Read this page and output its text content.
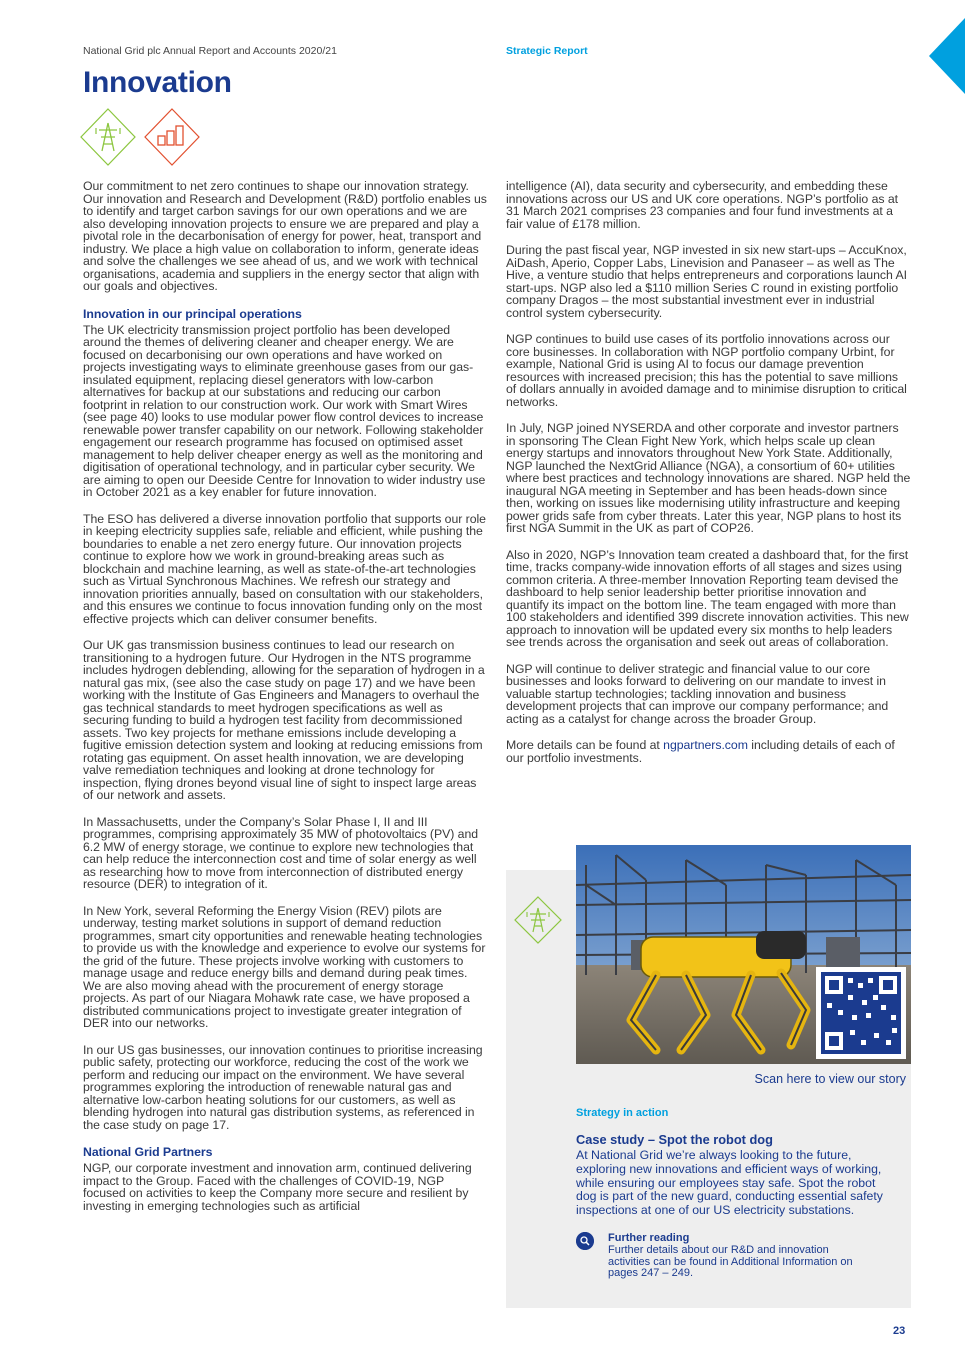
National Grid plc Annual Report and Accounts 2020/21	Strategic Report
Innovation

Our commitment to net zero continues to shape our innovation strategy. Our innovation and Research and Development (R&D) portfolio enables us to identify and target carbon savings for our own operations and we are also developing innovation projects to ensure we are prepared and play a pivotal role in the decarbonisation of energy for power, heat, transport and industry. We place a high value on collaboration to inform, generate ideas and solve the challenges we see ahead of us, and we work with technical organisations, academia and suppliers in the energy sector that align with our goals and objectives.

Innovation in our principal operations

The UK electricity transmission project portfolio has been developed around the themes of delivering cleaner and cheaper energy. We are focused on decarbonising our own operations and have worked on projects investigating ways to eliminate greenhouse gases from our gas-insulated equipment, replacing diesel generators with low-carbon alternatives for backup at our substations and reducing our carbon footprint in relation to our construction work. Our work with Smart Wires (see page 40) looks to use modular power flow control devices to increase renewable power transfer capability on our network. Following stakeholder engagement our research programme has focused on optimised asset management to help deliver cheaper energy as well as the monitoring and digitisation of operational technology, and in particular cyber security. We are aiming to open our Deeside Centre for Innovation to wider industry use in October 2021 as a key enabler for future innovation.

The ESO has delivered a diverse innovation portfolio that supports our role in keeping electricity supplies safe, reliable and efficient, while pushing the boundaries to enable a net zero energy future. Our innovation projects continue to explore how we work in ground-breaking areas such as blockchain and machine learning, as well as state-of-the-art technologies such as Virtual Synchronous Machines. We refresh our strategy and innovation priorities annually, based on consultation with our stakeholders, and this ensures we continue to focus innovation funding only on the most effective projects which can deliver consumer benefits.

Our UK gas transmission business continues to lead our research on transitioning to a hydrogen future. Our Hydrogen in the NTS programme includes hydrogen deblending, allowing for the separation of hydrogen in a natural gas mix, (see also the case study on page 17) and we have been working with the Institute of Gas Engineers and Managers to overhaul the gas technical standards to meet hydrogen specifications as well as securing funding to build a hydrogen test facility from decommissioned assets. Two key projects for methane emissions include developing a fugitive emission detection system and looking at reducing emissions from rotating gas equipment. On asset health innovation, we are developing valve remediation techniques and looking at drone technology for inspection, flying drones beyond visual line of sight to inspect large areas of our network and assets.

In Massachusetts, under the Company’s Solar Phase I, II and III programmes, comprising approximately 35 MW of photovoltaics (PV) and 6.2 MW of energy storage, we continue to explore new technologies that can help reduce the interconnection cost and time of solar energy as well as researching how to move from interconnection of distributed energy resource (DER) to integration of it.

In New York, several Reforming the Energy Vision (REV) pilots are underway, testing market solutions in support of demand reduction programmes, smart city opportunities and renewable heating technologies to provide us with the knowledge and experience to evolve our systems for the grid of the future. These projects involve working with customers to manage usage and reduce energy bills and demand during peak times. We are also moving ahead with the procurement of energy storage projects. As part of our Niagara Mohawk rate case, we have proposed a distributed communications project to investigate greater integration of DER into our networks.

In our US gas businesses, our innovation continues to prioritise increasing public safety, protecting our workforce, reducing the cost of the work we perform and reducing our impact on the environment. We have several programmes exploring the introduction of renewable natural gas and alternative low-carbon heating solutions for our customers, as well as blending hydrogen into natural gas distribution systems, as referenced in the case study on page 17.

National Grid Partners

NGP, our corporate investment and innovation arm, continued delivering impact to the Group. Faced with the challenges of COVID-19, NGP focused on activities to keep the Company more secure and resilient by investing in emerging technologies such as artificial

intelligence (AI), data security and cybersecurity, and embedding these innovations across our US and UK core operations. NGP’s portfolio as at 31 March 2021 comprises 23 companies and four fund investments at a fair value of £178 million.

During the past fiscal year, NGP invested in six new start-ups – AccuKnox, AiDash, Aperio, Copper Labs, Linevision and Panaseer – as well as The Hive, a venture studio that helps entrepreneurs and corporations launch AI start-ups. NGP also led a $110 million Series C round in existing portfolio company Dragos – the most substantial investment ever in industrial control system cybersecurity.

NGP continues to build use cases of its portfolio innovations across our core businesses. In collaboration with NGP portfolio company Urbint, for example, National Grid is using AI to focus our damage prevention resources with increased precision; this has the potential to save millions of dollars annually in avoided damage and to minimise disruption to critical networks.

In July, NGP joined NYSERDA and other corporate and investor partners in sponsoring The Clean Fight New York, which helps scale up clean energy startups and innovators throughout New York State. Additionally, NGP launched the NextGrid Alliance (NGA), a consortium of 60+ utilities where best practices and technology innovations are shared. NGP held the inaugural NGA meeting in September and has been heads-down since then, working on issues like modernising utility infrastructure and keeping power grids safe from cyber threats. Later this year, NGP plans to host its first NGA Summit in the UK as part of COP26.

Also in 2020, NGP’s Innovation team created a dashboard that, for the first time, tracks company-wide innovation efforts of all stages and sizes using common criteria. A three-member Innovation Reporting team devised the dashboard to help senior leadership better prioritise innovation and quantify its impact on the bottom line. The team engaged with more than 100 stakeholders and identified 399 discrete innovation activities. This new approach to innovation will be updated every six months to help leaders see trends across the organisation and seek out areas of collaboration.

NGP will continue to deliver strategic and financial value to our core businesses and looks forward to delivering on our mandate to invest in valuable startup technologies; tackling innovation and business development projects that can improve our company performance; and acting as a catalyst for change across the broader Group.

More details can be found at ngpartners.com including details of each of our portfolio investments.

Scan here to view our story
Strategy in action
Case study – Spot the robot dog
At National Grid we’re always looking to the future, exploring new innovations and efficient ways of working, while ensuring our employees stay safe. Spot the robot dog is part of the new guard, conducting essential safety inspections at one of our US electricity substations.
Further reading
Further details about our R&D and innovation activities can be found in Additional Information on pages 247 – 249.
23
